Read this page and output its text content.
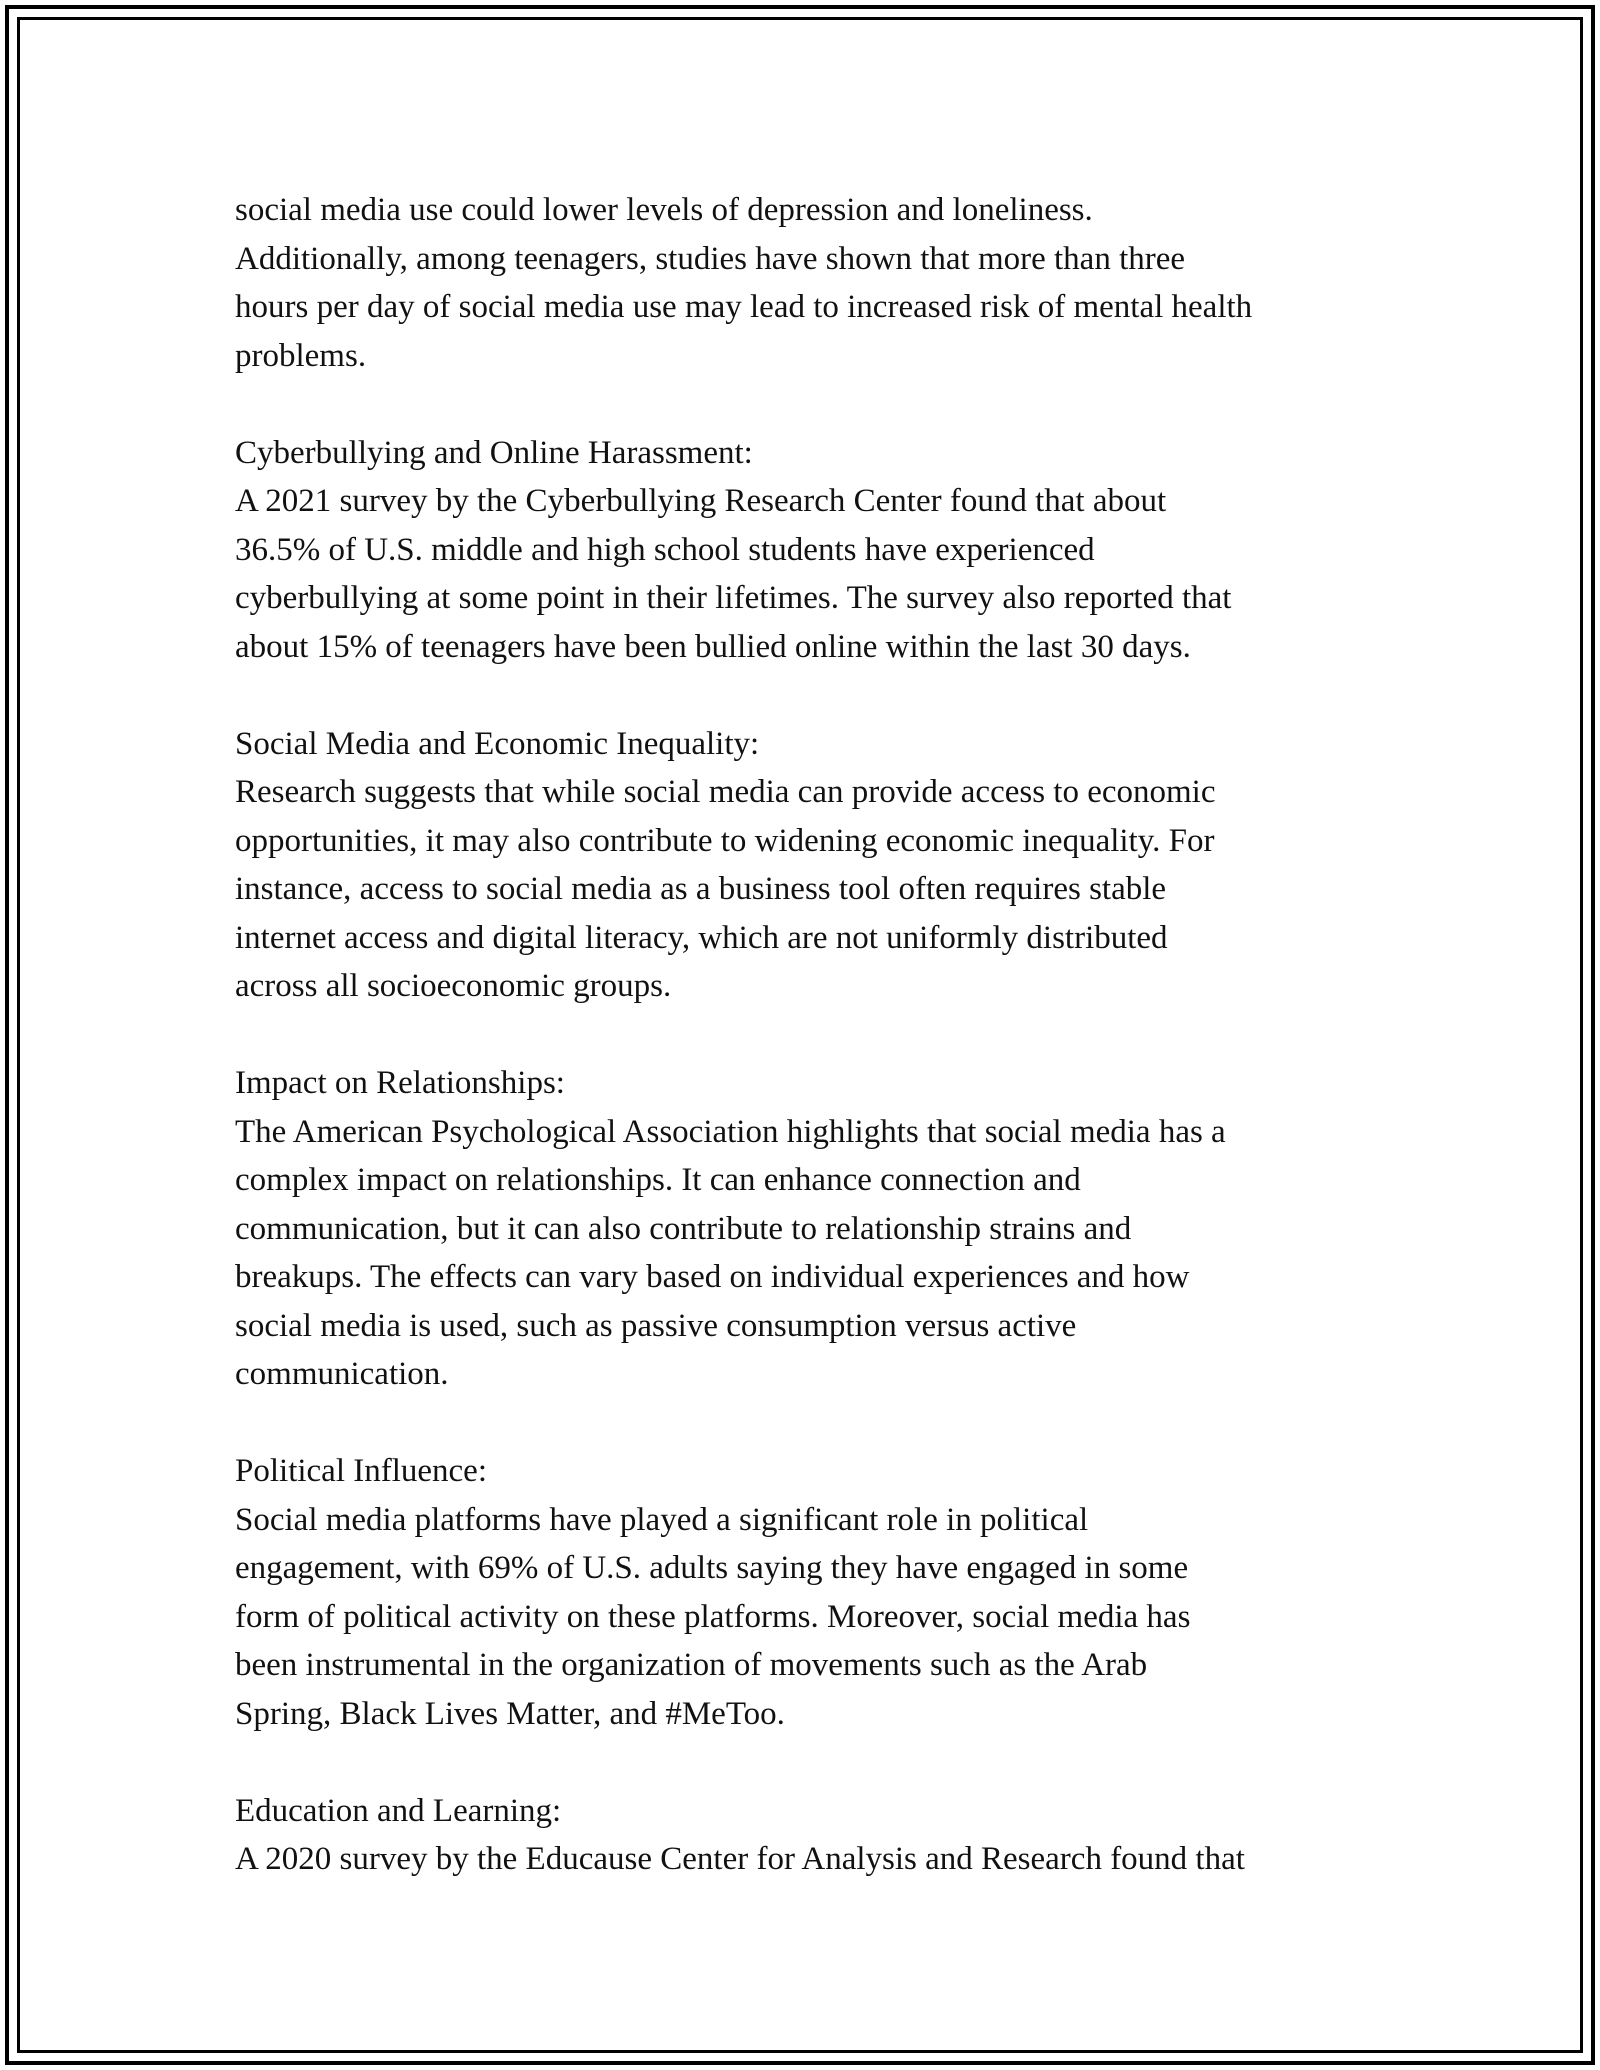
social media use could lower levels of depression and loneliness.
Additionally, among teenagers, studies have shown that more than three
hours per day of social media use may lead to increased risk of mental health
problems.
Cyberbullying and Online Harassment:
A 2021 survey by the Cyberbullying Research Center found that about
36.5% of U.S. middle and high school students have experienced
cyberbullying at some point in their lifetimes. The survey also reported that
about 15% of teenagers have been bullied online within the last 30 days.
Social Media and Economic Inequality:
Research suggests that while social media can provide access to economic
opportunities, it may also contribute to widening economic inequality. For
instance, access to social media as a business tool often requires stable
internet access and digital literacy, which are not uniformly distributed
across all socioeconomic groups.
Impact on Relationships:
The American Psychological Association highlights that social media has a
complex impact on relationships. It can enhance connection and
communication, but it can also contribute to relationship strains and
breakups. The effects can vary based on individual experiences and how
social media is used, such as passive consumption versus active
communication.
Political Influence:
Social media platforms have played a significant role in political
engagement, with 69% of U.S. adults saying they have engaged in some
form of political activity on these platforms. Moreover, social media has
been instrumental in the organization of movements such as the Arab
Spring, Black Lives Matter, and #MeToo.
Education and Learning:
A 2020 survey by the Educause Center for Analysis and Research found that
